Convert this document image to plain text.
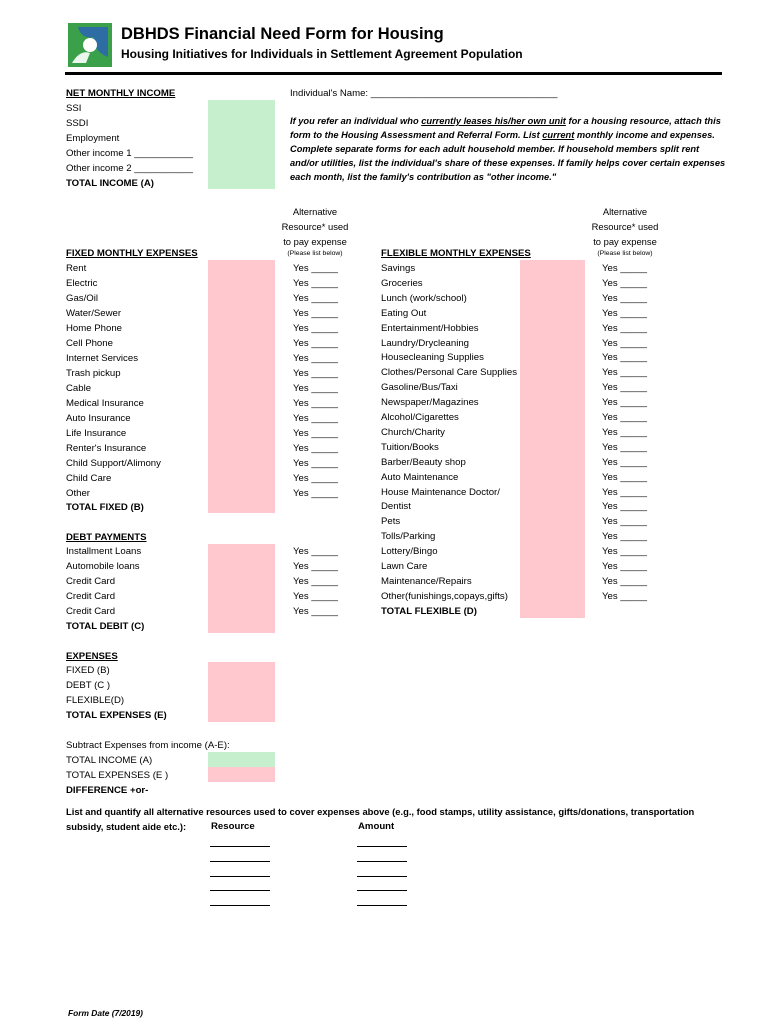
DBHDS Financial Need Form for Housing
Housing Initiatives for Individuals in Settlement Agreement Population
NET MONTHLY INCOME
SSI
SSDI
Employment
Other income 1 ___________
Other income 2 ___________
TOTAL INCOME (A)
Individual's Name: ___________________________________
If you refer an individual who currently leases his/her own unit for a housing resource, attach this form to the Housing Assessment and Referral Form. List current monthly income and expenses. Complete separate forms for each adult household member. If household members split rent and/or utilities, list the individual's share of these expenses. If family helps cover certain expenses each month, list the family's contribution as "other income."
Alternative
Resource* used
to pay expense
(Please list below)
Alternative
Resource* used
to pay expense
(Please list below)
FIXED MONTHLY EXPENSES
Rent
Electric
Gas/Oil
Water/Sewer
Home Phone
Cell Phone
Internet Services
Trash pickup
Cable
Medical Insurance
Auto Insurance
Life Insurance
Renter's Insurance
Child Support/Alimony
Child Care
Other
TOTAL FIXED (B)
Yes _____
Yes _____
Yes _____
Yes _____
Yes _____
Yes _____
Yes _____
Yes _____
Yes _____
Yes _____
Yes _____
Yes _____
Yes _____
Yes _____
Yes _____
Yes _____
FLEXIBLE MONTHLY EXPENSES
Savings
Groceries
Lunch (work/school)
Eating Out
Entertainment/Hobbies
Laundry/Drycleaning
Housecleaning Supplies
Clothes/Personal Care Supplies
Gasoline/Bus/Taxi
Newspaper/Magazines
Alcohol/Cigarettes
Church/Charity
Tuition/Books
Barber/Beauty shop
Auto Maintenance
House Maintenance Doctor/
Dentist
Pets
Tolls/Parking
Lottery/Bingo
Lawn Care
Maintenance/Repairs
Other(funishings,copays,gifts)
TOTAL FLEXIBLE (D)
Yes _____
Yes _____
Yes _____
Yes _____
Yes _____
Yes _____
Yes _____
Yes _____
Yes _____
Yes _____
Yes _____
Yes _____
Yes _____
Yes _____
Yes _____
Yes _____
Yes _____
Yes _____
Yes _____
Yes _____
Yes _____
Yes _____
Yes _____
DEBT PAYMENTS
Installment Loans
Automobile loans
Credit Card
Credit Card
Credit Card
TOTAL DEBIT (C)
Yes _____
Yes _____
Yes _____
Yes _____
Yes _____
EXPENSES
FIXED (B)
DEBT (C )
FLEXIBLE(D)
TOTAL EXPENSES (E)
Subtract Expenses from income (A-E):
TOTAL INCOME (A)
TOTAL EXPENSES (E )
DIFFERENCE +or-
List and quantify all alternative resources used to cover expenses above (e.g., food stamps, utility assistance, gifts/donations, transportation
subsidy, student aide etc.):	Resource	Amount
Form Date (7/2019)
